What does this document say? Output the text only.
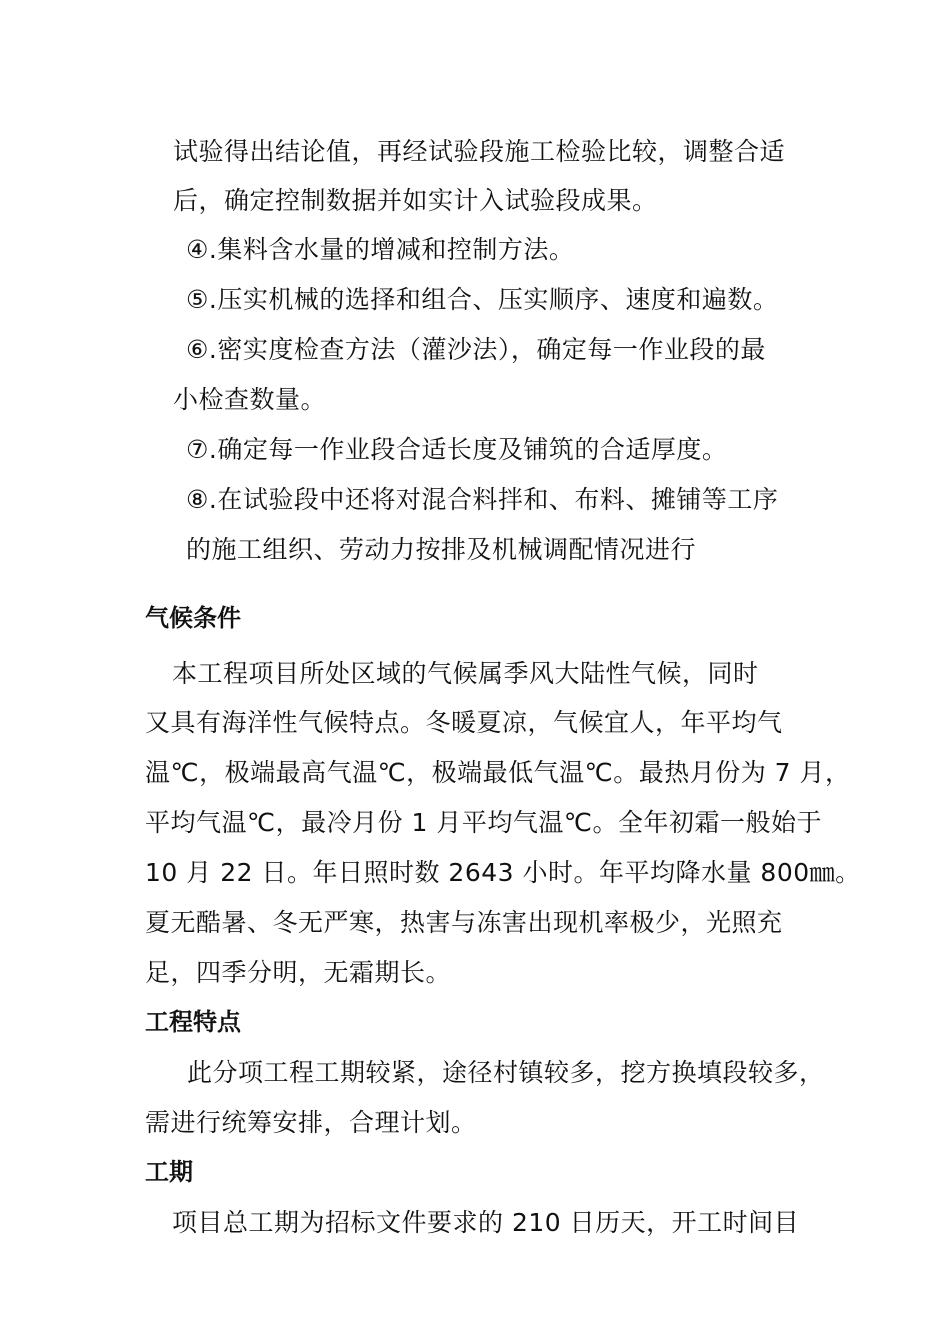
试验得出结论值，再经试验段施工检验比较，调整合适
后，确定控制数据并如实计入试验段成果。
④.集料含水量的增减和控制方法。
⑤.压实机械的选择和组合、压实顺序、速度和遍数。
⑥.密实度检查方法（灌沙法），确定每一作业段的最
小检查数量。
⑦.确定每一作业段合适长度及铺筑的合适厚度。
⑧.在试验段中还将对混合料拌和、布料、摊铺等工序
的施工组织、劳动力按排及机械调配情况进行
气候条件
本工程项目所处区域的气候属季风大陆性气候，同时
又具有海洋性气候特点。冬暖夏凉，气候宜人，年平均气
温℃，极端最高气温℃，极端最低气温℃。最热月份为 7 月，
平均气温℃，最冷月份 1 月平均气温℃。全年初霜一般始于
10 月 22 日。年日照时数 2643 小时。年平均降水量 800㎜。
夏无酷暑、冬无严寒，热害与冻害出现机率极少，光照充
足，四季分明，无霜期长。
工程特点
此分项工程工期较紧，途径村镇较多，挖方换填段较多，
需进行统筹安排，合理计划。
工期
项目总工期为招标文件要求的 210 日历天，开工时间目
